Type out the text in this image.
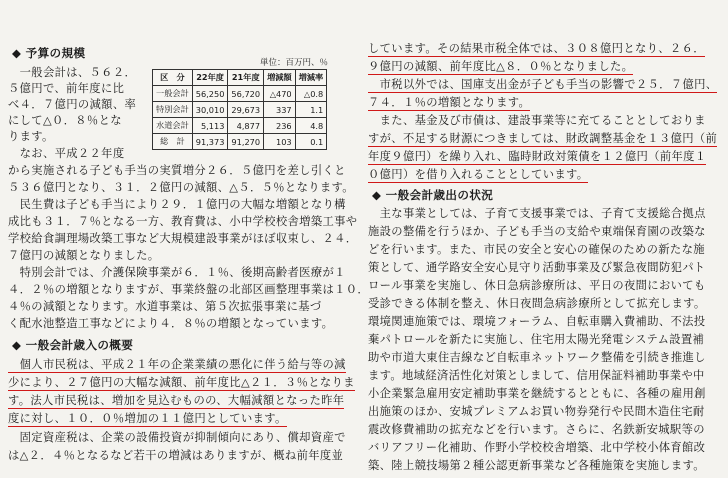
◆ 予算の規模
単位：百万円、％
区　分	22年度	21年度	増減額	増減率
一般会計	56,250	56,720	△470	△0.8
特別会計	30,010	29,673	337	1.1
水道会計	5,113	4,877	236	4.8
総　計	91,373	91,270	103	0.1
　一般会計は、５６２．
５億円で、前年度に比
べ４．７億円の減額、率
にして△０．８％とな
ります。
　なお、平成２２年度
から実施される子ども手当の実質増分２６．５億円を差し引くと
５３６億円となり、３１．２億円の減額、△５．５％となります。
　民生費は子ども手当により２９．１億円の大幅な増額となり構
成比も３１．７％となる一方、教育費は、小中学校校舎増築工事や
学校給食調理場改築工事など大規模建設事業がほぼ収束し、２４．
７億円の減額となりました。
　特別会計では、介護保険事業が６．１％、後期高齢者医療が１
４．２％の増額となりますが、事業終盤の北部区画整理事業は１０．
４％の減額となります。水道事業は、第５次拡張事業に基づ
く配水池整造工事などにより４．８％の増額となっています。
◆ 一般会計歳入の概要
　個人市民税は、平成２１年の企業業績の悪化に伴う給与等の減
少により、２７億円の大幅な減額、前年度比△２１．３％となりま
す。法人市民税は、増加を見込むものの、大幅減額となった昨年
度に対し、１０．０％増加の１１億円としています。
　固定資産税は、企業の設備投資が抑制傾向にあり、償却資産で
は△２．４％となるなど若干の増減はありますが、概ね前年度並
しています。その結果市税全体では、３０８億円となり、２６．
９億円の減額、前年度比△８．０％となりました。
　市税以外では、国庫支出金が子ども手当の影響で２５．７億円、
７４．１％の増額となります。
　また、基金及び市債は、建設事業等に充てることとしておりま
すが、不足する財源につきましては、財政調整基金を１３億円（前
年度９億円）を繰り入れ、臨時財政対策債を１２億円（前年度１
０億円）を借り入れることとしています。
◆ 一般会計歳出の状況
　主な事業としては、子育て支援事業では、子育て支援総合拠点
施設の整備を行うほか、子ども手当の支給や東端保育園の改築な
どを行います。また、市民の安全と安心の確保のための新たな施
策として、通学路安全安心見守り活動事業及び緊急夜間防犯パト
ロール事業を実施し、休日急病診療所は、平日の夜間においても
受診できる体制を整え、休日夜間急病診療所として拡充します。
環境関連施策では、環境フォーラム、自転車購入費補助、不法投
棄パトロールを新たに実施し、住宅用太陽光発電システム設置補
助や市道大東住吉線など自転車ネットワーク整備を引続き推進し
ます。地域経済活性化対策としまして、信用保証料補助事業や中
小企業緊急雇用安定補助事業を継続するとともに、各種の雇用創
出施策のほか、安城プレミアムお買い物券発行や民間木造住宅耐
震改修費補助の拡充などを行います。さらに、名鉄新安城駅等の
バリアフリー化補助、作野小学校校舎増築、北中学校小体育館改
築、陸上競技場第２種公認更新事業など各種施策を実施します。
